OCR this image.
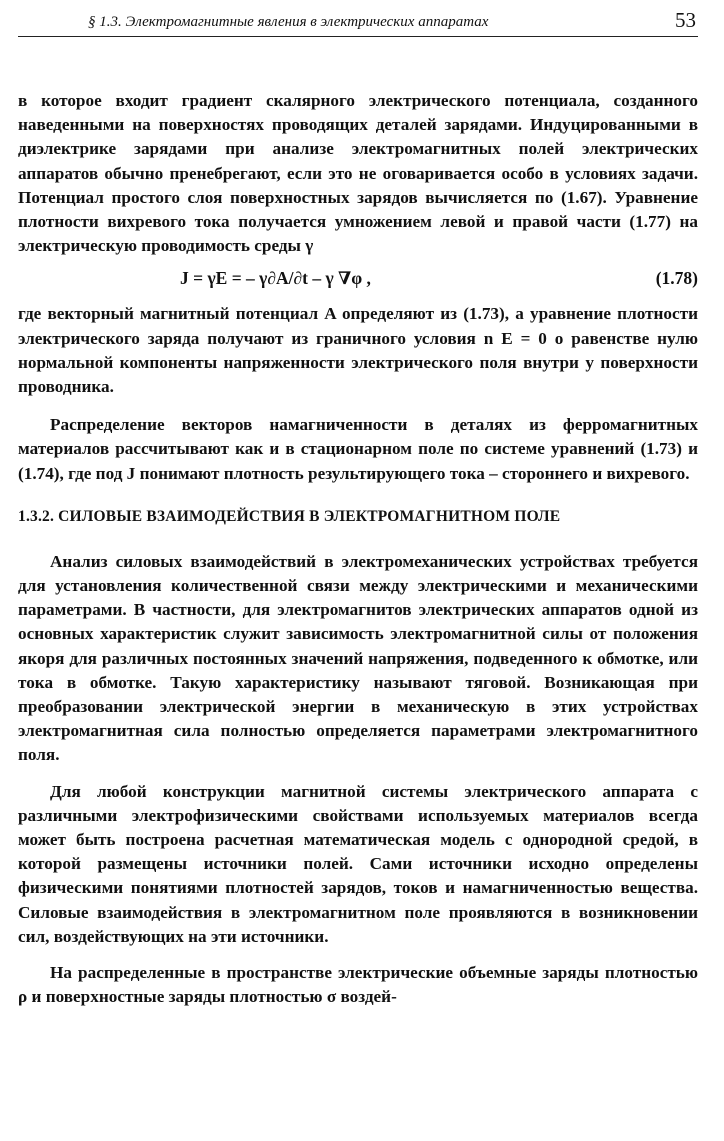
§ 1.3. Электромагнитные явления в электрических аппаратах	53

в которое входит градиент скалярного электрического потенциала, созданного наведенными на поверхностях проводящих деталей зарядами. Индуцированными в диэлектрике зарядами при анализе электромагнитных полей электрических аппаратов обычно пренебрегают, если это не оговаривается особо в условиях задачи. Потенциал простого слоя поверхностных зарядов вычисляется по (1.67). Уравнение плотности вихревого тока получается умножением левой и правой части (1.77) на электрическую проводимость среды γ

J = γE = – γ∂A/∂t – γ ∇φ ,	(1.78)

где векторный магнитный потенциал A определяют из (1.73), а уравнение плотности электрического заряда получают из граничного условия n E = 0 о равенстве нулю нормальной компоненты напряженности электрического поля внутри у поверхности проводника.

Распределение векторов намагниченности в деталях из ферромагнитных материалов рассчитывают как и в стационарном поле по системе уравнений (1.73) и (1.74), где под J понимают плотность результирующего тока – стороннего и вихревого.

1.3.2. СИЛОВЫЕ ВЗАИМОДЕЙСТВИЯ В ЭЛЕКТРОМАГНИТНОМ ПОЛЕ

Анализ силовых взаимодействий в электромеханических устройствах требуется для установления количественной связи между электрическими и механическими параметрами. В частности, для электромагнитов электрических аппаратов одной из основных характеристик служит зависимость электромагнитной силы от положения якоря для различных постоянных значений напряжения, подведенного к обмотке, или тока в обмотке. Такую характеристику называют тяговой. Возникающая при преобразовании электрической энергии в механическую в этих устройствах электромагнитная сила полностью определяется параметрами электромагнитного поля.

Для любой конструкции магнитной системы электрического аппарата с различными электрофизическими свойствами используемых материалов всегда может быть построена расчетная математическая модель с однородной средой, в которой размещены источники полей. Сами источники исходно определены физическими понятиями плотностей зарядов, токов и намагниченностью вещества. Силовые взаимодействия в электромагнитном поле проявляются в возникновении сил, воздействующих на эти источники.

На распределенные в пространстве электрические объемные заряды плотностью ρ и поверхностные заряды плотностью σ воздей-
